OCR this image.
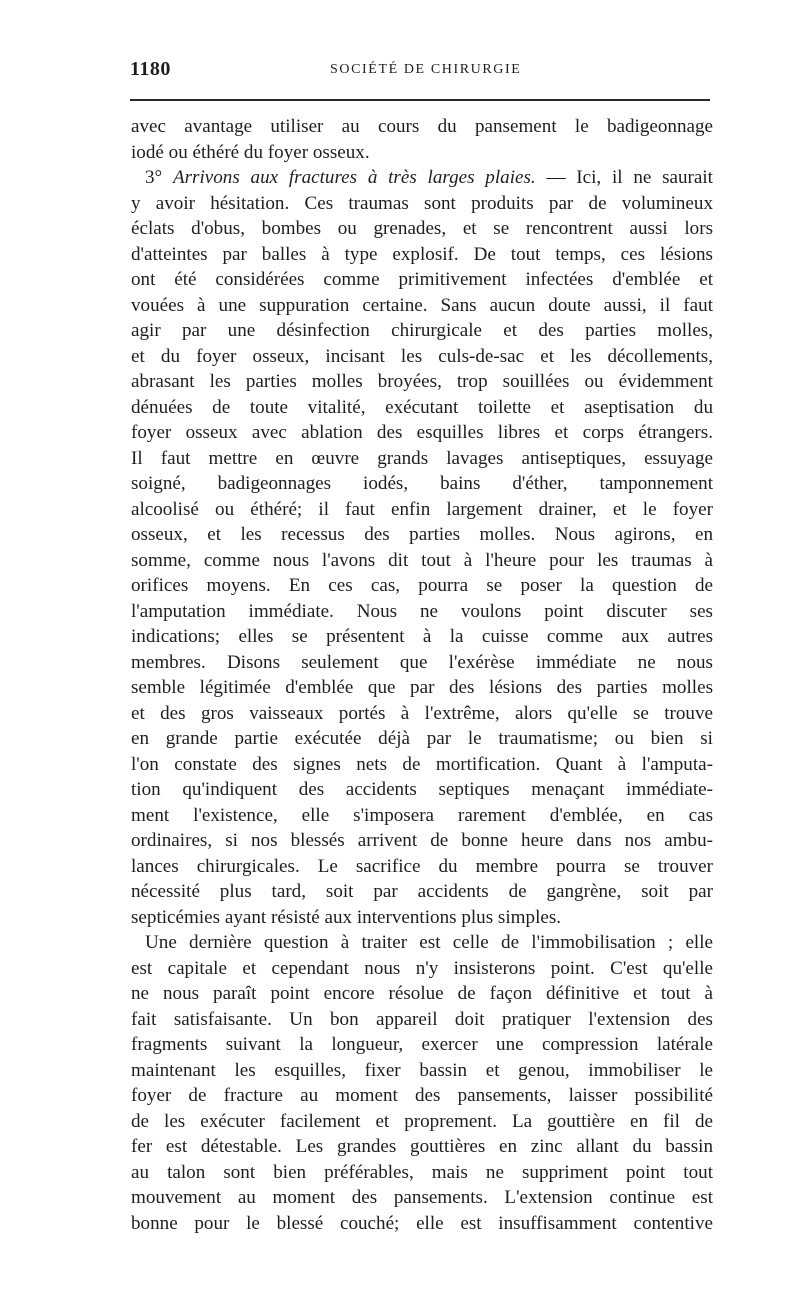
1180	SOCIÉTÉ DE CHIRURGIE
avec avantage utiliser au cours du pansement le badigeonnage
iodé ou éthéré du foyer osseux.
3° Arrivons aux fractures à très larges plaies. — Ici, il ne saurait
y avoir hésitation. Ces traumas sont produits par de volumineux
éclats d'obus, bombes ou grenades, et se rencontrent aussi lors
d'atteintes par balles à type explosif. De tout temps, ces lésions
ont été considérées comme primitivement infectées d'emblée et
vouées à une suppuration certaine. Sans aucun doute aussi, il faut
agir par une désinfection chirurgicale et des parties molles,
et du foyer osseux, incisant les culs-de-sac et les décollements,
abrasant les parties molles broyées, trop souillées ou évidemment
dénuées de toute vitalité, exécutant toilette et aseptisation du
foyer osseux avec ablation des esquilles libres et corps étrangers.
Il faut mettre en œuvre grands lavages antiseptiques, essuyage
soigné, badigeonnages iodés, bains d'éther, tamponnement
alcoolisé ou éthéré; il faut enfin largement drainer, et le foyer
osseux, et les recessus des parties molles. Nous agirons, en
somme, comme nous l'avons dit tout à l'heure pour les traumas à
orifices moyens. En ces cas, pourra se poser la question de
l'amputation immédiate. Nous ne voulons point discuter ses
indications; elles se présentent à la cuisse comme aux autres
membres. Disons seulement que l'exérèse immédiate ne nous
semble légitimée d'emblée que par des lésions des parties molles
et des gros vaisseaux portés à l'extrême, alors qu'elle se trouve
en grande partie exécutée déjà par le traumatisme; ou bien si
l'on constate des signes nets de mortification. Quant à l'amputa-
tion qu'indiquent des accidents septiques menaçant immédiate-
ment l'existence, elle s'imposera rarement d'emblée, en cas
ordinaires, si nos blessés arrivent de bonne heure dans nos ambu-
lances chirurgicales. Le sacrifice du membre pourra se trouver
nécessité plus tard, soit par accidents de gangrène, soit par
septicémies ayant résisté aux interventions plus simples.
Une dernière question à traiter est celle de l'immobilisation ; elle
est capitale et cependant nous n'y insisterons point. C'est qu'elle
ne nous paraît point encore résolue de façon définitive et tout à
fait satisfaisante. Un bon appareil doit pratiquer l'extension des
fragments suivant la longueur, exercer une compression latérale
maintenant les esquilles, fixer bassin et genou, immobiliser le
foyer de fracture au moment des pansements, laisser possibilité
de les exécuter facilement et proprement. La gouttière en fil de
fer est détestable. Les grandes gouttières en zinc allant du bassin
au talon sont bien préférables, mais ne suppriment point tout
mouvement au moment des pansements. L'extension continue est
bonne pour le blessé couché; elle est insuffisamment contentive
